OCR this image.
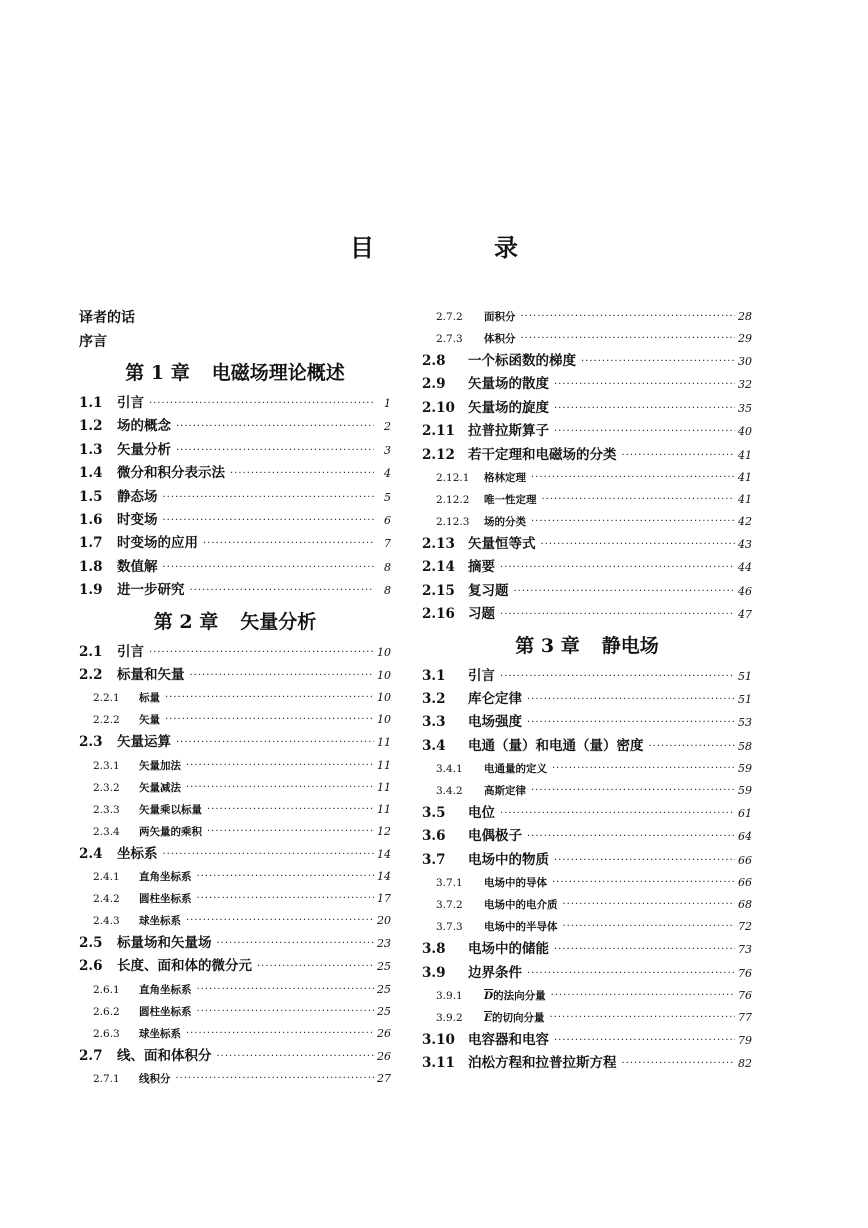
目　录
译者的话
序言
第 1 章 电磁场理论概述
1.1	引言 ·····	1
1.2	场的概念 ·····	2
1.3	矢量分析 ·····	3
1.4	微分和积分表示法 ·····	4
1.5	静态场 ·····	5
1.6	时变场 ·····	6
1.7	时变场的应用 ·····	7
1.8	数值解 ·····	8
1.9	进一步研究 ·····	8
第 2 章 矢量分析
2.1	引言 ·····	10
2.2	标量和矢量 ·····	10
2.2.1	标量 ·····	10
2.2.2	矢量 ·····	10
2.3	矢量运算 ·····	11
2.3.1	矢量加法 ·····	11
2.3.2	矢量减法 ·····	11
2.3.3	矢量乘以标量 ·····	11
2.3.4	两矢量的乘积 ·····	12
2.4	坐标系 ·····	14
2.4.1	直角坐标系 ·····	14
2.4.2	圆柱坐标系 ·····	17
2.4.3	球坐标系 ·····	20
2.5	标量场和矢量场 ·····	23
2.6	长度、面和体的微分元 ·····	25
2.6.1	直角坐标系 ·····	25
2.6.2	圆柱坐标系 ·····	25
2.6.3	球坐标系 ·····	26
2.7	线、面和体积分 ·····	26
2.7.1	线积分 ·····	27
2.7.2	面积分 ·····	28
2.7.3	体积分 ·····	29
2.8	一个标函数的梯度 ·····	30
2.9	矢量场的散度 ·····	32
2.10 矢量场的旋度 ·····	35
2.11 拉普拉斯算子 ·····	40
2.12 若干定理和电磁场的分类 ·····	41
2.12.1	格林定理 ·····	41
2.12.2	唯一性定理 ·····	41
2.12.3	场的分类 ·····	42
2.13 矢量恒等式 ·····	43
2.14 摘要 ·····	44
2.15 复习题 ·····	46
2.16 习题 ·····	47
第 3 章 静电场
3.1	引言 ·····	51
3.2	库仑定律 ·····	51
3.3	电场强度 ·····	53
3.4	电通（量）和电通（量）密度 ·····	58
3.4.1	电通量的定义 ·····	59
3.4.2	高斯定律 ·····	59
3.5	电位 ·····	61
3.6	电偶极子 ·····	64
3.7	电场中的物质 ·····	66
3.7.1	电场中的导体 ·····	66
3.7.2	电场中的电介质 ·····	68
3.7.3	电场中的半导体 ·····	72
3.8	电场中的储能 ·····	73
3.9	边界条件 ·····	76
3.9.1	$\overline{D}$的法向分量 ·····	76
3.9.2	$\overline{E}$的切向分量 ·····	77
3.10 电容器和电容 ·····	79
3.11 泊松方程和拉普拉斯方程 ·····	82
